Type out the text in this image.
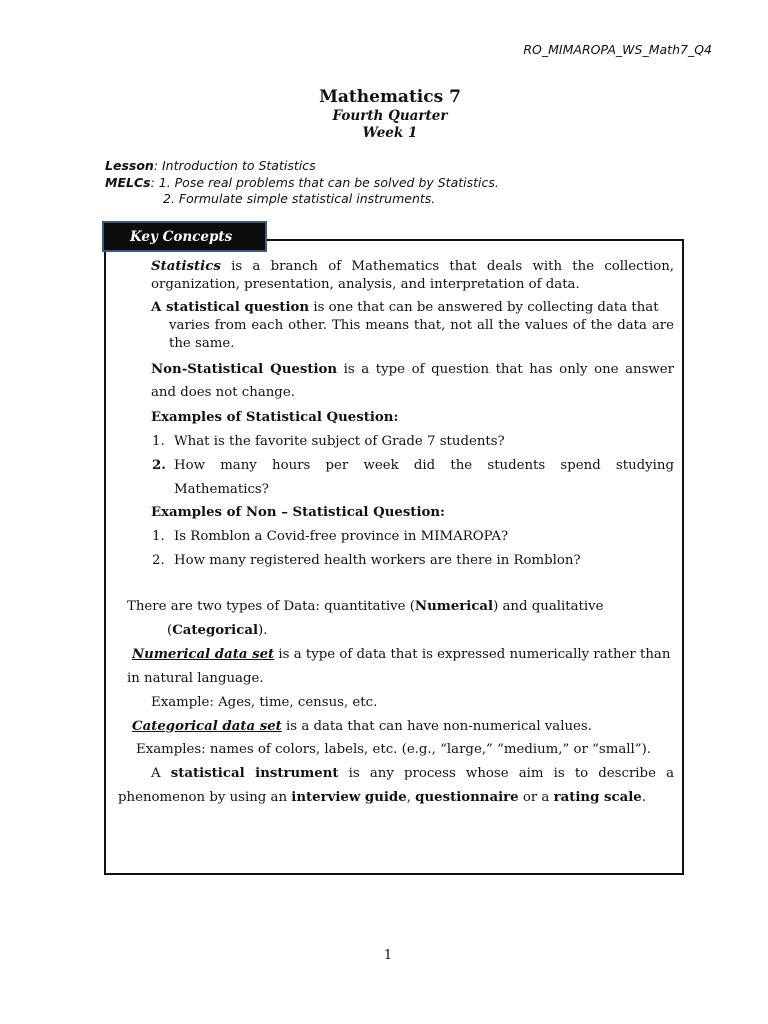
RO_MIMAROPA_WS_Math7_Q4
Mathematics 7
Fourth Quarter
Week 1
Lesson: Introduction to Statistics
MELCs: 1. Pose real problems that can be solved by Statistics.
2. Formulate simple statistical instruments.
Key Concepts

Statistics is a branch of Mathematics that deals with the collection, organization, presentation, analysis, and interpretation of data.

A statistical question is one that can be answered by collecting data that

varies from each other. This means that, not all the values of the data are the same.

Non-Statistical Question is a type of question that has only one answer and does not change.

Examples of Statistical Question:

1. What is the favorite subject of Grade 7 students?
2. How many hours per week did the students spend studying Mathematics?

Examples of Non – Statistical Question:

1. Is Romblon a Covid-free province in MIMAROPA?
2. How many registered health workers are there in Romblon?

There are two types of Data: quantitative (Numerical) and qualitative

(Categorical).

Numerical data set is a type of data that is expressed numerically rather than

in natural language.

Example: Ages, time, census, etc.

Categorical data set is a data that can have non-numerical values.

Examples: names of colors, labels, etc. (e.g., “large,” “medium,” or “small”).

A statistical instrument is any process whose aim is to describe a phenomenon by using an interview guide, questionnaire or a rating scale.

1
